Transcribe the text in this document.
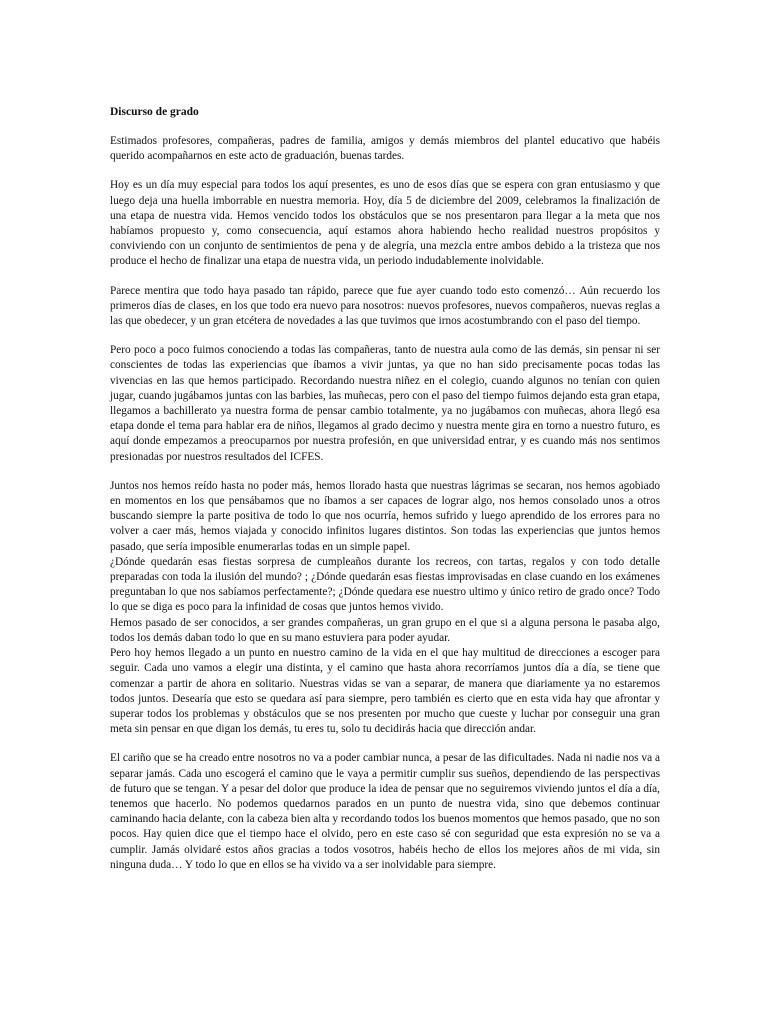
Discurso de grado

Estimados profesores, compañeras, padres de familia, amigos y demás miembros del plantel educativo que habéis querido acompañarnos en este acto de graduación, buenas tardes.

Hoy es un día muy especial para todos los aquí presentes, es uno de esos días que se espera con gran entusiasmo y que luego deja una huella imborrable en nuestra memoria. Hoy, día 5 de diciembre del 2009, celebramos la finalización de una etapa de nuestra vida. Hemos vencido todos los obstáculos que se nos presentaron para llegar a la meta que nos habíamos propuesto y, como consecuencia, aquí estamos ahora habiendo hecho realidad nuestros propósitos y conviviendo con un conjunto de sentimientos de pena y de alegría, una mezcla entre ambos debido a la tristeza que nos produce el hecho de finalizar una etapa de nuestra vida, un periodo indudablemente inolvidable.

Parece mentira que todo haya pasado tan rápido, parece que fue ayer cuando todo esto comenzó… Aún recuerdo los primeros días de clases, en los que todo era nuevo para nosotros: nuevos profesores, nuevos compañeros, nuevas reglas a las que obedecer, y un gran etcétera de novedades a las que tuvimos que irnos acostumbrando con el paso del tiempo.

Pero poco a poco fuimos conociendo a todas las compañeras, tanto de nuestra aula como de las demás, sin pensar ni ser conscientes de todas las experiencias que íbamos a vivir juntas, ya que no han sido precisamente pocas todas las vivencias en las que hemos participado. Recordando nuestra niñez en el colegio, cuando algunos no tenían con quien jugar, cuando jugábamos juntas con las barbies, las muñecas, pero con el paso del tiempo fuimos dejando esta gran etapa, llegamos a bachillerato ya nuestra forma de pensar cambio totalmente, ya no jugábamos con muñecas, ahora llegó esa etapa donde el tema para hablar era de niños, llegamos al grado decimo y nuestra mente gira en torno a nuestro futuro, es aquí donde empezamos a preocuparnos por nuestra profesión, en que universidad entrar, y es cuando más nos sentimos presionadas por nuestros resultados del ICFES.

Juntos nos hemos reído hasta no poder más, hemos llorado hasta que nuestras lágrimas se secaran, nos hemos agobiado en momentos en los que pensábamos que no íbamos a ser capaces de lograr algo, nos hemos consolado unos a otros buscando siempre la parte positiva de todo lo que nos ocurría, hemos sufrido y luego aprendido de los errores para no volver a caer más, hemos viajada y conocido infinitos lugares distintos. Son todas las experiencias que juntos hemos pasado, que sería imposible enumerarlas todas en un simple papel.

¿Dónde quedarán esas fiestas sorpresa de cumpleaños durante los recreos, con tartas, regalos y con todo detalle preparadas con toda la ilusión del mundo? ; ¿Dónde quedarán esas fiestas improvisadas en clase cuando en los exámenes preguntaban lo que nos sabíamos perfectamente?; ¿Dónde quedara ese nuestro ultimo y único retiro de grado once? Todo lo que se diga es poco para la infinidad de cosas que juntos hemos vivido.

Hemos pasado de ser conocidos, a ser grandes compañeras, un gran grupo en el que si a alguna persona le pasaba algo, todos los demás daban todo lo que en su mano estuviera para poder ayudar.

Pero hoy hemos llegado a un punto en nuestro camino de la vida en el que hay multitud de direcciones a escoger para seguir. Cada uno vamos a elegir una distinta, y el camino que hasta ahora recorríamos juntos día a día, se tiene que comenzar a partir de ahora en solitario. Nuestras vidas se van a separar, de manera que diariamente ya no estaremos todos juntos. Desearía que esto se quedara así para siempre, pero también es cierto que en esta vida hay que afrontar y superar todos los problemas y obstáculos que se nos presenten por mucho que cueste y luchar por conseguir una gran meta sin pensar en que digan los demás, tu eres tu, solo tu decidirás hacia que dirección andar.

El cariño que se ha creado entre nosotros no va a poder cambiar nunca, a pesar de las dificultades. Nada ni nadie nos va a separar jamás. Cada uno escogerá el camino que le vaya a permitir cumplir sus sueños, dependiendo de las perspectivas de futuro que se tengan. Y a pesar del dolor que produce la idea de pensar que no seguiremos viviendo juntos el día a día, tenemos que hacerlo. No podemos quedarnos parados en un punto de nuestra vida, sino que debemos continuar caminando hacia delante, con la cabeza bien alta y recordando todos los buenos momentos que hemos pasado, que no son pocos. Hay quien dice que el tiempo hace el olvido, pero en este caso sé con seguridad que esta expresión no se va a cumplir. Jamás olvidaré estos años gracias a todos vosotros, habéis hecho de ellos los mejores años de mi vida, sin ninguna duda… Y todo lo que en ellos se ha vivido va a ser inolvidable para siempre.
